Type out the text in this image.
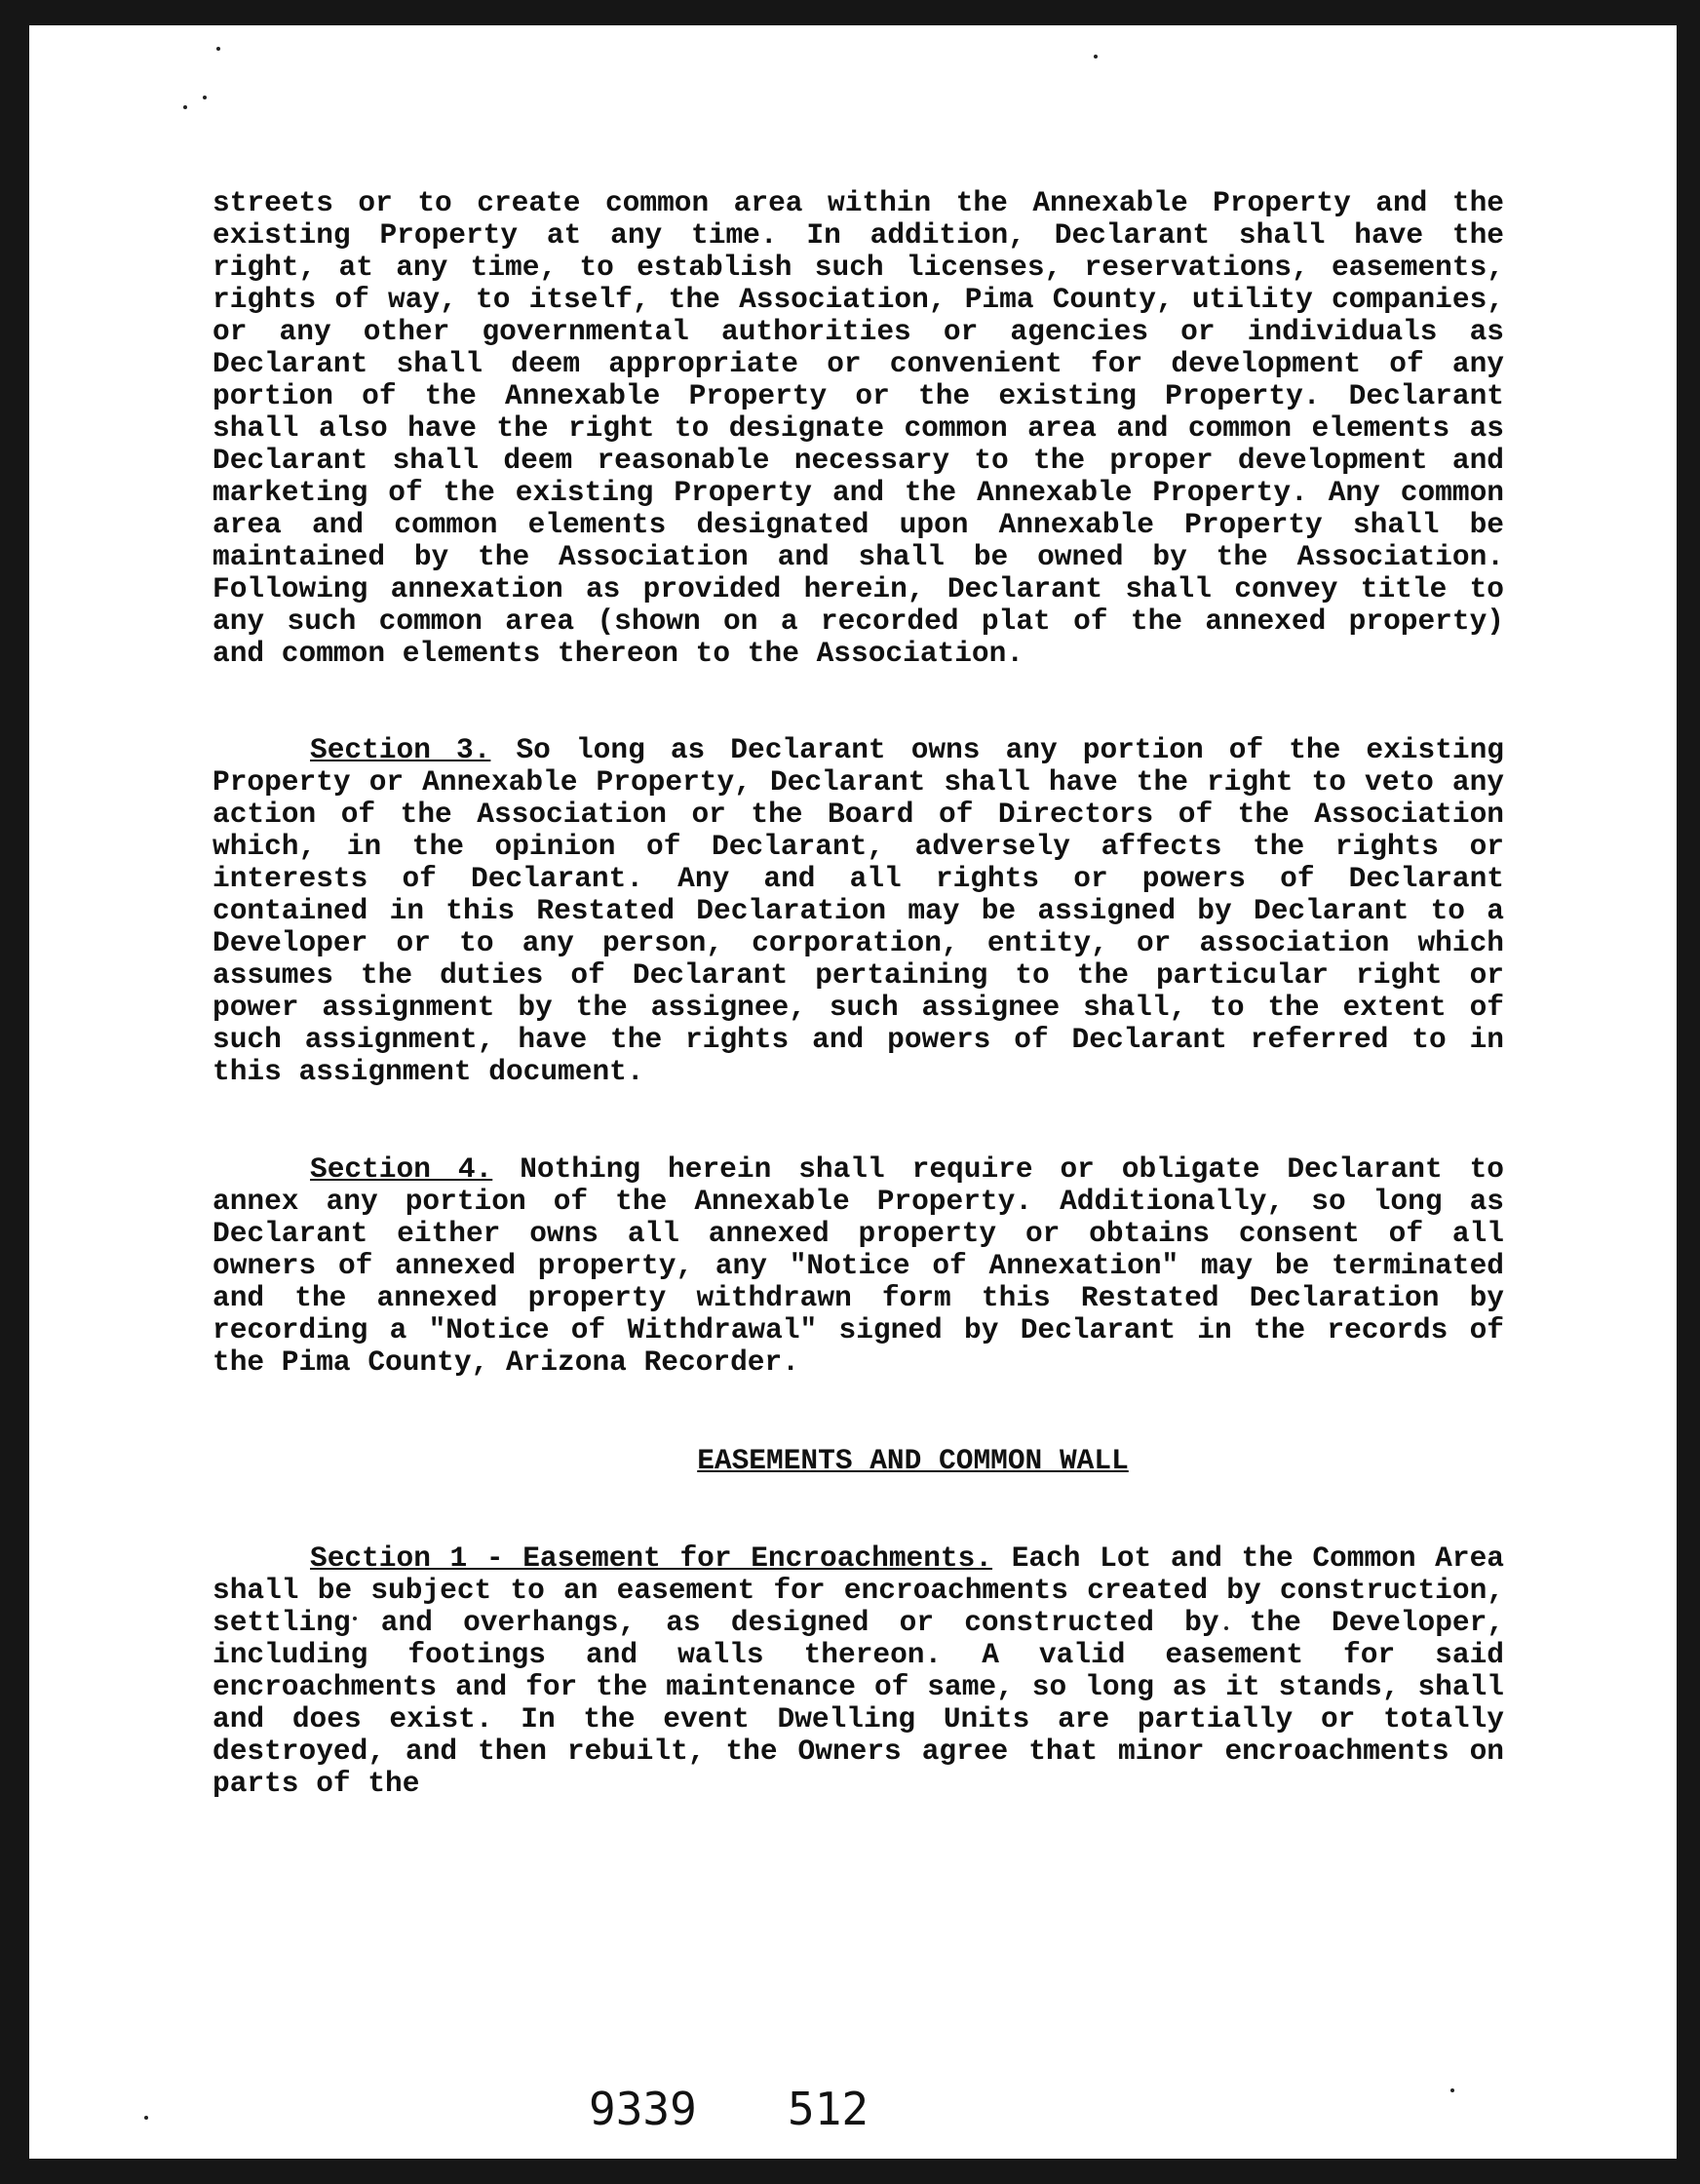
streets or to create common area within the Annexable Property and the existing Property at any time. In addition, Declarant shall have the right, at any time, to establish such licenses, reservations, easements, rights of way, to itself, the Association, Pima County, utility companies, or any other governmental authorities or agencies or individuals as Declarant shall deem appropriate or convenient for development of any portion of the Annexable Property or the existing Property. Declarant shall also have the right to designate common area and common elements as Declarant shall deem reasonable necessary to the proper development and marketing of the existing Property and the Annexable Property. Any common area and common elements designated upon Annexable Property shall be maintained by the Association and shall be owned by the Association. Following annexation as provided herein, Declarant shall convey title to any such common area (shown on a recorded plat of the annexed property) and common elements thereon to the Association.

Section 3. So long as Declarant owns any portion of the existing Property or Annexable Property, Declarant shall have the right to veto any action of the Association or the Board of Directors of the Association which, in the opinion of Declarant, adversely affects the rights or interests of Declarant. Any and all rights or powers of Declarant contained in this Restated Declaration may be assigned by Declarant to a Developer or to any person, corporation, entity, or association which assumes the duties of Declarant pertaining to the particular right or power assignment by the assignee, such assignee shall, to the extent of such assignment, have the rights and powers of Declarant referred to in this assignment document.

Section 4. Nothing herein shall require or obligate Declarant to annex any portion of the Annexable Property. Additionally, so long as Declarant either owns all annexed property or obtains consent of all owners of annexed property, any "Notice of Annexation" may be terminated and the annexed property withdrawn form this Restated Declaration by recording a "Notice of Withdrawal" signed by Declarant in the records of the Pima County, Arizona Recorder.

EASEMENTS AND COMMON WALL

Section 1 - Easement for Encroachments. Each Lot and the Common Area shall be subject to an easement for encroachments created by construction, settling and overhangs, as designed or constructed by the Developer, including footings and walls thereon. A valid easement for said encroachments and for the maintenance of same, so long as it stands, shall and does exist. In the event Dwelling Units are partially or totally destroyed, and then rebuilt, the Owners agree that minor encroachments on parts of the

9339 512
